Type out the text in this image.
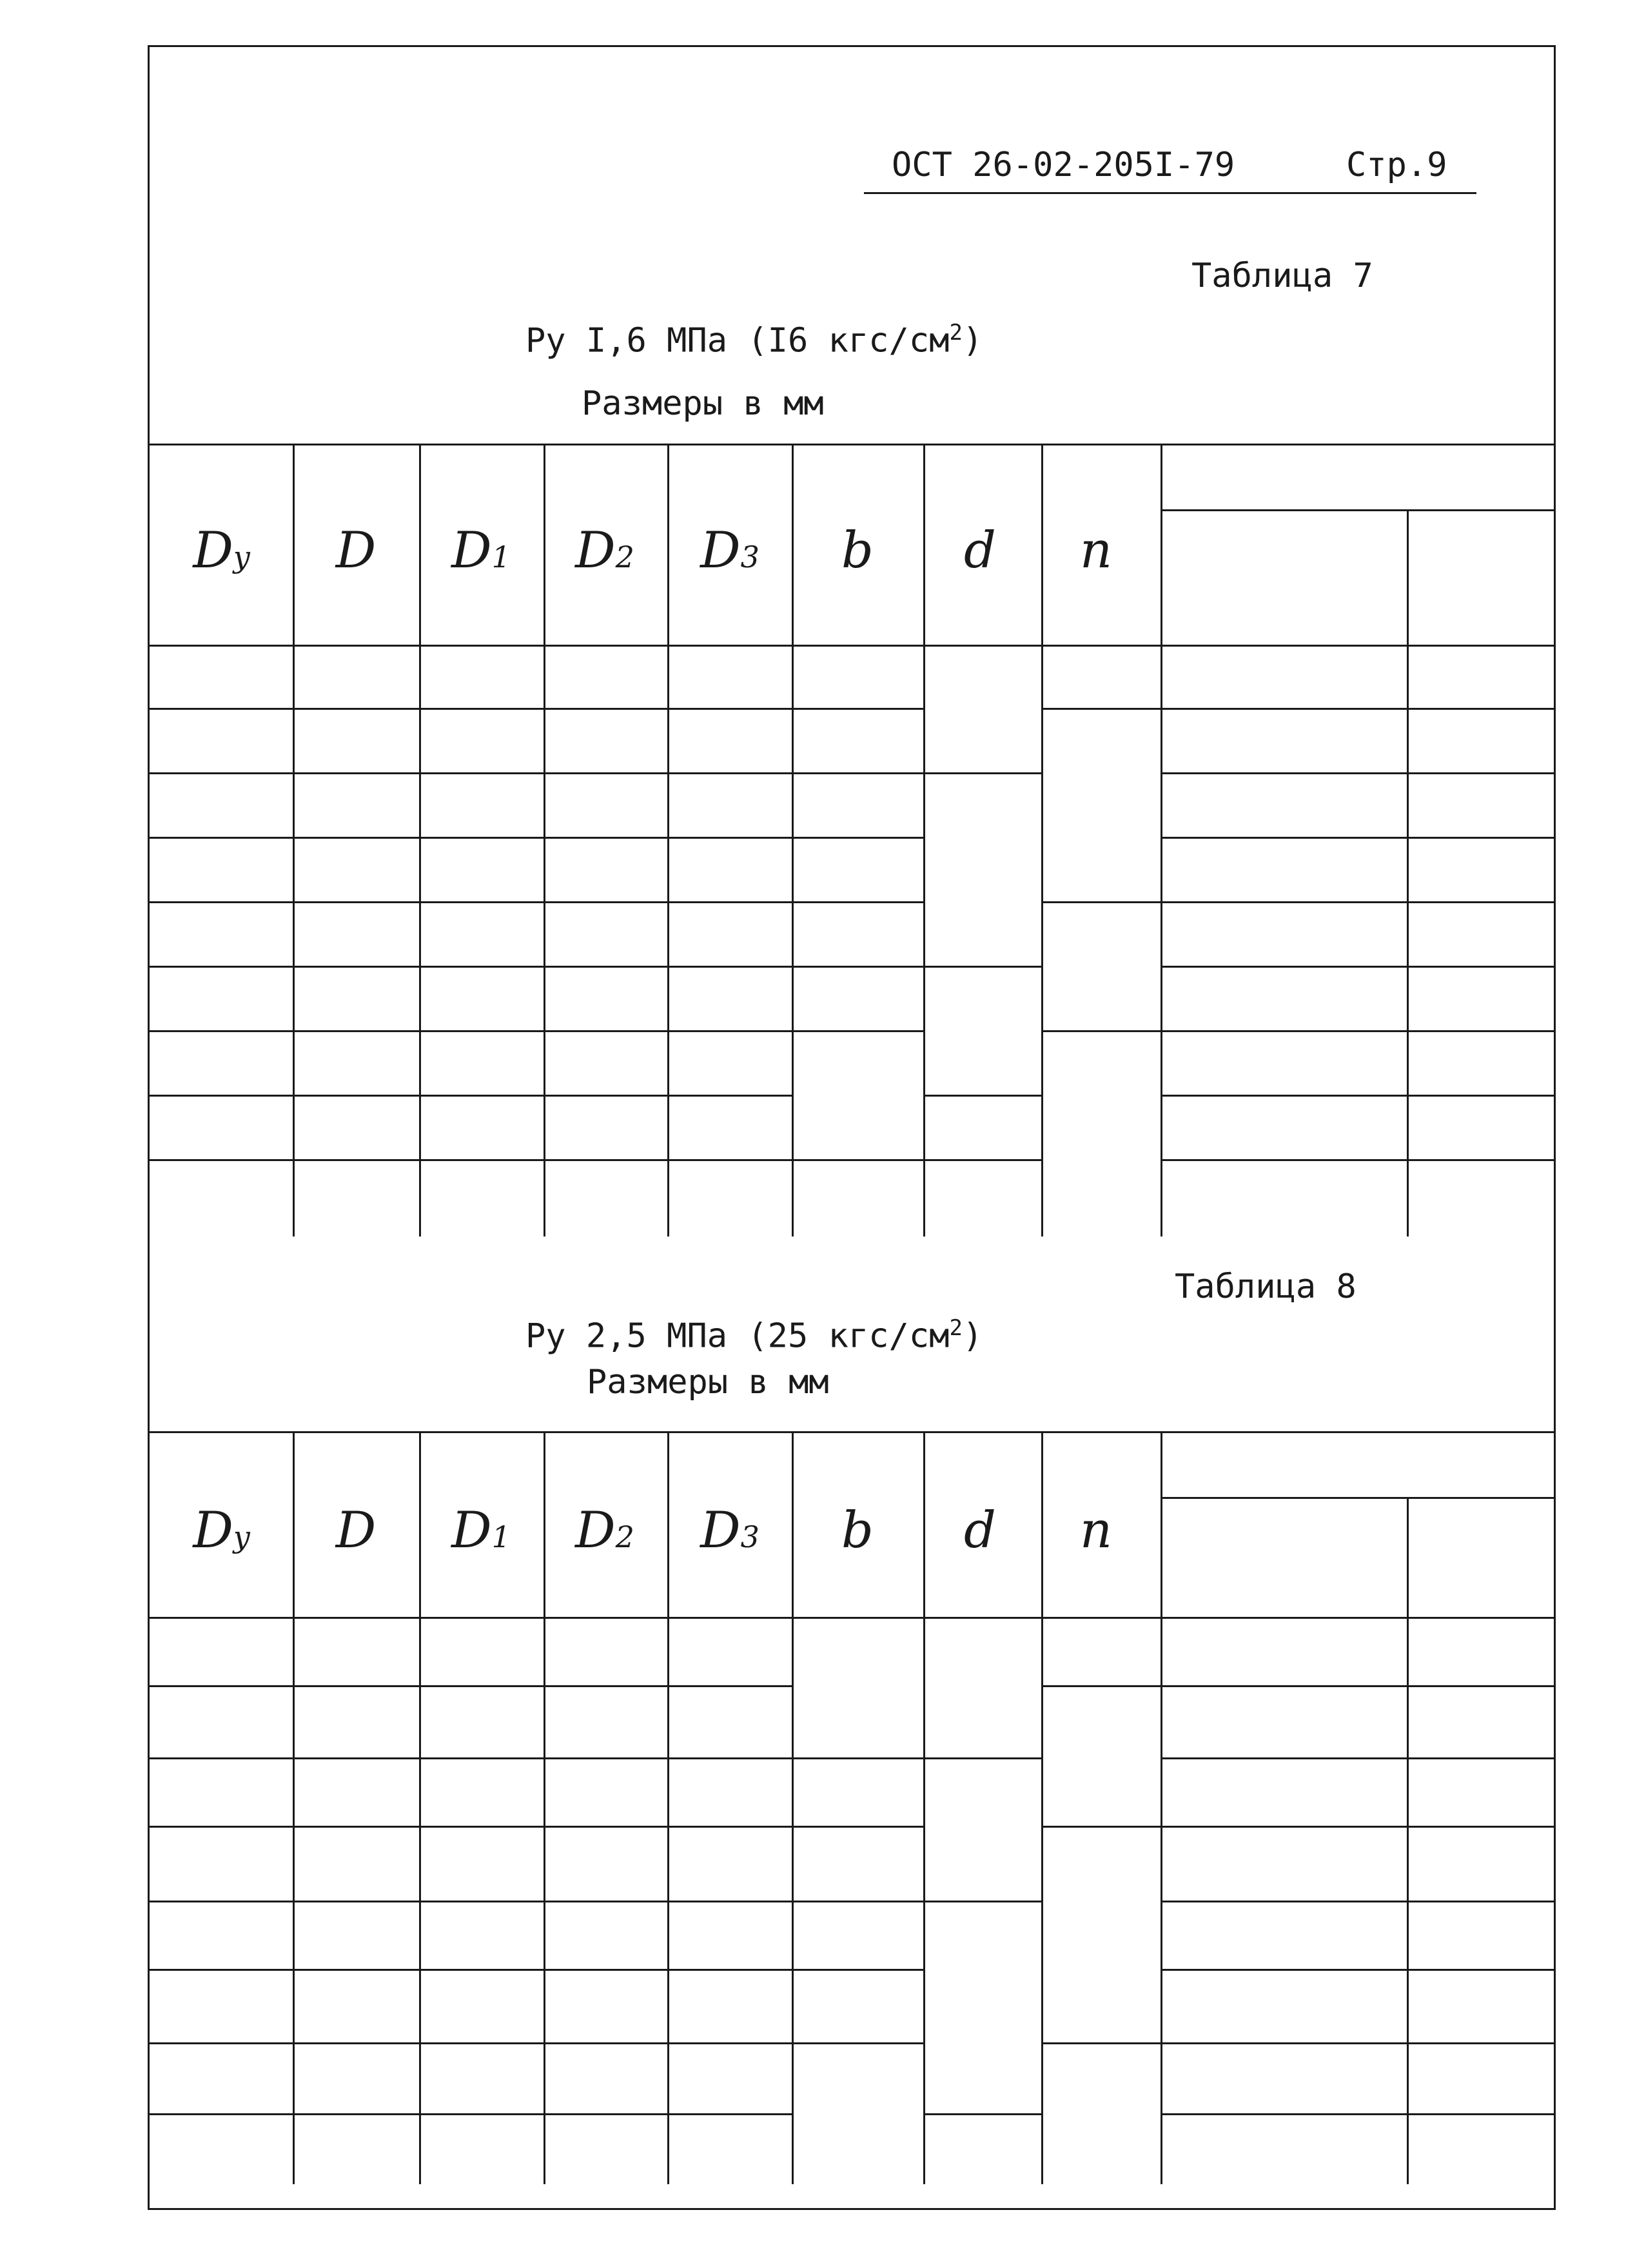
ОСТ 26-02-205I-79	Стр.9
Таблица 7
Ру I,6 МПа (I6 кгс/$см^2$)
Размеры в мм
Dу D D1 D2 D3 b d n
Таблица 8
Ру 2,5 МПа (25 кгс/$см^2$)
Размеры в мм
Dу D D1 D2 D3 b d n
